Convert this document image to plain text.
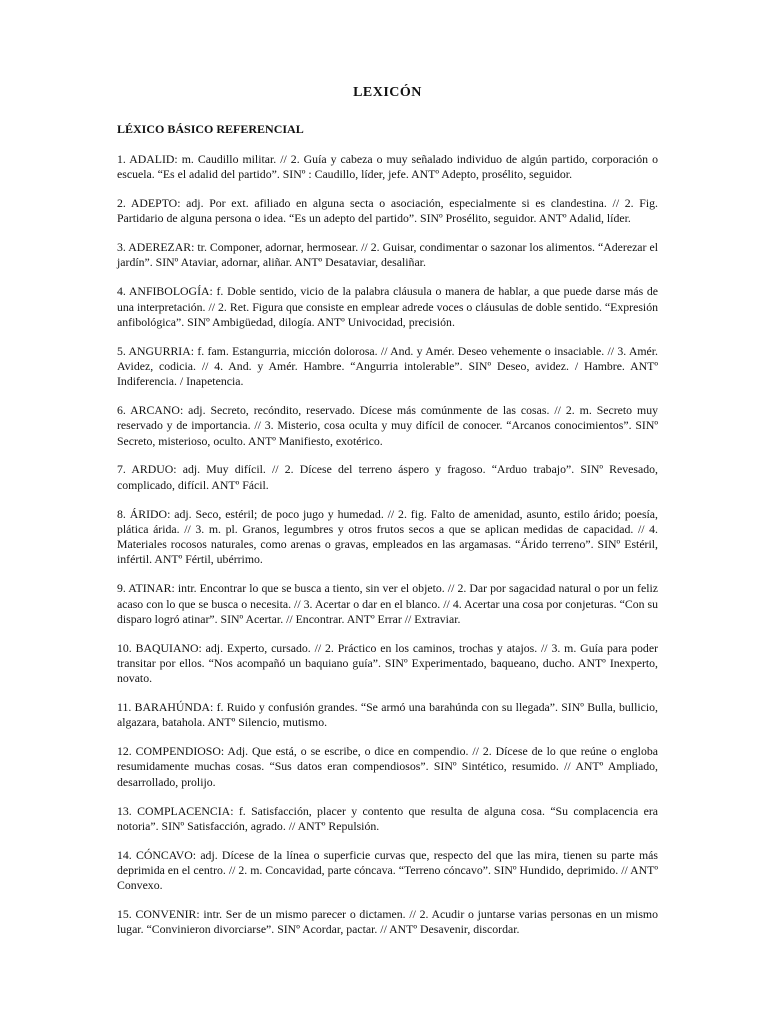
LEXICÓN
LÉXICO BÁSICO REFERENCIAL

1. ADALID: m. Caudillo militar. // 2. Guía y cabeza o muy señalado individuo de algún partido, corporación o escuela. “Es el adalid del partido”. SINº : Caudillo, líder, jefe. ANTº Adepto, prosélito, seguidor.

2. ADEPTO: adj. Por ext. afiliado en alguna secta o asociación, especialmente si es clandestina. // 2. Fig. Partidario de alguna persona o idea. “Es un adepto del partido”. SINº Prosélito, seguidor. ANTº Adalid, líder.

3. ADEREZAR: tr. Componer, adornar, hermosear. // 2. Guisar, condimentar o sazonar los alimentos. “Aderezar el jardín”. SINº Ataviar, adornar, aliñar. ANTº Desataviar, desaliñar.

4. ANFIBOLOGÍA: f. Doble sentido, vicio de la palabra cláusula o manera de hablar, a que puede darse más de una interpretación. // 2. Ret. Figura que consiste en emplear adrede voces o cláusulas de doble sentido. “Expresión anfibológica”. SINº Ambigüedad, dilogía. ANTº Univocidad, precisión.

5. ANGURRIA: f. fam. Estangurria, micción dolorosa. // And. y Amér. Deseo vehemente o insaciable. // 3. Amér. Avidez, codicia. // 4. And. y Amér. Hambre. “Angurria intolerable”. SINº Deseo, avidez. / Hambre. ANTº Indiferencia. / Inapetencia.

6. ARCANO: adj. Secreto, recóndito, reservado. Dícese más comúnmente de las cosas. // 2. m. Secreto muy reservado y de importancia. // 3. Misterio, cosa oculta y muy difícil de conocer. “Arcanos conocimientos”. SINº Secreto, misterioso, oculto. ANTº Manifiesto, exotérico.

7. ARDUO: adj. Muy difícil. // 2. Dícese del terreno áspero y fragoso. “Arduo trabajo”. SINº Revesado, complicado, difícil. ANTº Fácil.

8. ÁRIDO: adj. Seco, estéril; de poco jugo y humedad. // 2. fig. Falto de amenidad, asunto, estilo árido; poesía, plática árida. // 3. m. pl. Granos, legumbres y otros frutos secos a que se aplican medidas de capacidad. // 4. Materiales rocosos naturales, como arenas o gravas, empleados en las argamasas. “Árido terreno”. SINº Estéril, infértil. ANTº Fértil, ubérrimo.

9. ATINAR: intr. Encontrar lo que se busca a tiento, sin ver el objeto. // 2. Dar por sagacidad natural o por un feliz acaso con lo que se busca o necesita. // 3. Acertar o dar en el blanco. // 4. Acertar una cosa por conjeturas. “Con su disparo logró atinar”. SINº Acertar. // Encontrar. ANTº Errar // Extraviar.

10. BAQUIANO: adj. Experto, cursado. // 2. Práctico en los caminos, trochas y atajos. // 3. m. Guía para poder transitar por ellos. “Nos acompañó un baquiano guía”. SINº Experimentado, baqueano, ducho. ANTº Inexperto, novato.

11. BARAHÚNDA: f. Ruido y confusión grandes. “Se armó una barahúnda con su llegada”. SINº Bulla, bullicio, algazara, batahola. ANTº Silencio, mutismo.

12. COMPENDIOSO: Adj. Que está, o se escribe, o dice en compendio. // 2. Dícese de lo que reúne o engloba resumidamente muchas cosas. “Sus datos eran compendiosos”. SINº Sintético, resumido. // ANTº Ampliado, desarrollado, prolijo.

13. COMPLACENCIA: f. Satisfacción, placer y contento que resulta de alguna cosa. “Su complacencia era notoria”. SINº Satisfacción, agrado. // ANTº Repulsión.

14. CÓNCAVO: adj. Dícese de la línea o superficie curvas que, respecto del que las mira, tienen su parte más deprimida en el centro. // 2. m. Concavidad, parte cóncava. “Terreno cóncavo”. SINº Hundido, deprimido. // ANTº Convexo.

15. CONVENIR: intr. Ser de un mismo parecer o dictamen. // 2. Acudir o juntarse varias personas en un mismo lugar. “Convinieron divorciarse”. SINº Acordar, pactar. // ANTº Desavenir, discordar.
